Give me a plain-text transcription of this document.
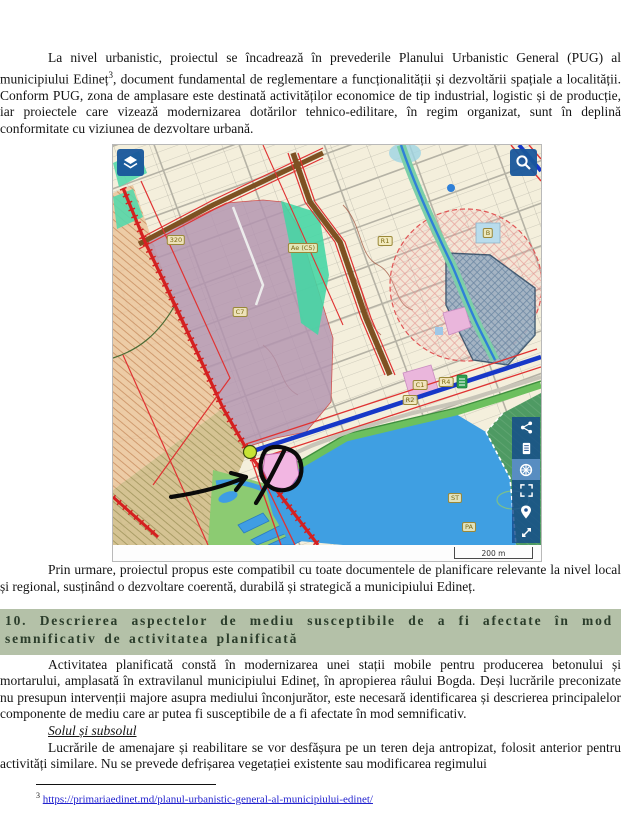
La nivel urbanistic, proiectul se încadrează în prevederile Planului Urbanistic General (PUG) al municipiului Edineț$^3$, document fundamental de reglementare a funcționalității și dezvoltării spațiale a localității. Conform PUG, zona de amplasare este destinată activităților economice de tip industrial, logistic și de producție, iar proiectele care vizează modernizarea dotărilor tehnico-edilitare, în regim organizat, sunt în deplină conformitate cu viziunea de dezvoltare urbană.

320
C7
Ae (C5)
R1
C1	R4
R2
B
ST
PA
200 m

Prin urmare, proiectul propus este compatibil cu toate documentele de planificare relevante la nivel local și regional, susținând o dezvoltare coerentă, durabilă și strategică a municipiului Edineț.

10. Descrierea aspectelor de mediu susceptibile de a fi afectate în mod semnificativ de activitatea planificată

Activitatea planificată constă în modernizarea unei stații mobile pentru producerea betonului și mortarului, amplasată în extravilanul municipiului Edineț, în apropierea râului Bogda. Deși lucrările preconizate nu presupun intervenții majore asupra mediului înconjurător, este necesară identificarea și descrierea principalelor componente de mediu care ar putea fi susceptibile de a fi afectate în mod semnificativ.

Solul și subsolul

Lucrările de amenajare și reabilitare se vor desfășura pe un teren deja antropizat, folosit anterior pentru activități similare. Nu se prevede defrișarea vegetației existente sau modificarea regimului

$^3$ https://primariaedinet.md/planul-urbanistic-general-al-municipiului-edinet/
